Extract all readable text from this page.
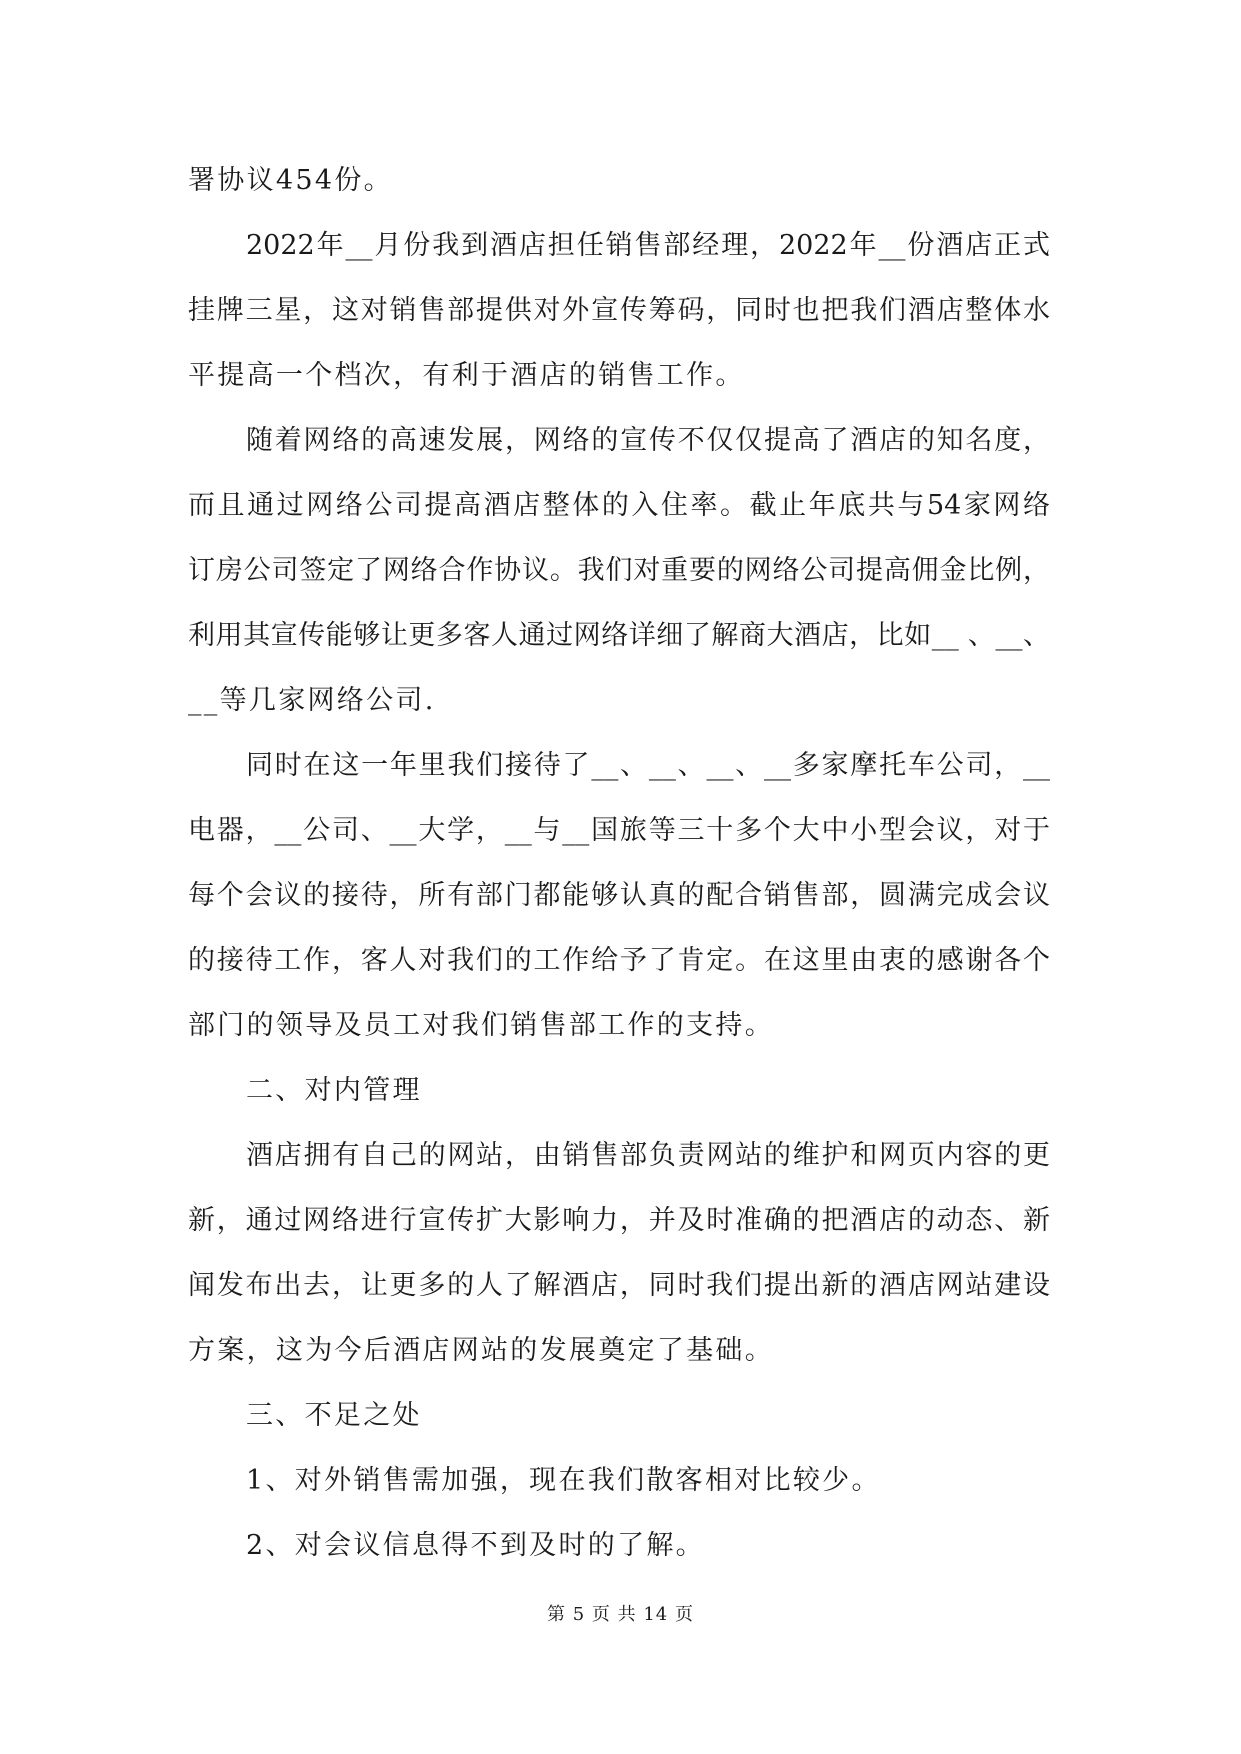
署协议454份。
2022年__月份我到酒店担任销售部经理，2022年__份酒店正式
挂牌三星，这对销售部提供对外宣传筹码，同时也把我们酒店整体水
平提高一个档次，有利于酒店的销售工作。
随着网络的高速发展，网络的宣传不仅仅提高了酒店的知名度，
而且通过网络公司提高酒店整体的入住率。截止年底共与54家网络
订房公司签定了网络合作协议。我们对重要的网络公司提高佣金比例，
利用其宣传能够让更多客人通过网络详细了解商大酒店，比如__ 、__、
__等几家网络公司.
同时在这一年里我们接待了__、__、__、__多家摩托车公司，__
电器，__公司、__大学，__与__国旅等三十多个大中小型会议，对于
每个会议的接待，所有部门都能够认真的配合销售部，圆满完成会议
的接待工作，客人对我们的工作给予了肯定。在这里由衷的感谢各个
部门的领导及员工对我们销售部工作的支持。
二、对内管理
酒店拥有自己的网站，由销售部负责网站的维护和网页内容的更
新，通过网络进行宣传扩大影响力，并及时准确的把酒店的动态、新
闻发布出去，让更多的人了解酒店，同时我们提出新的酒店网站建设
方案，这为今后酒店网站的发展奠定了基础。
三、不足之处
1、对外销售需加强，现在我们散客相对比较少。
2、对会议信息得不到及时的了解。
第 5 页 共 14 页
